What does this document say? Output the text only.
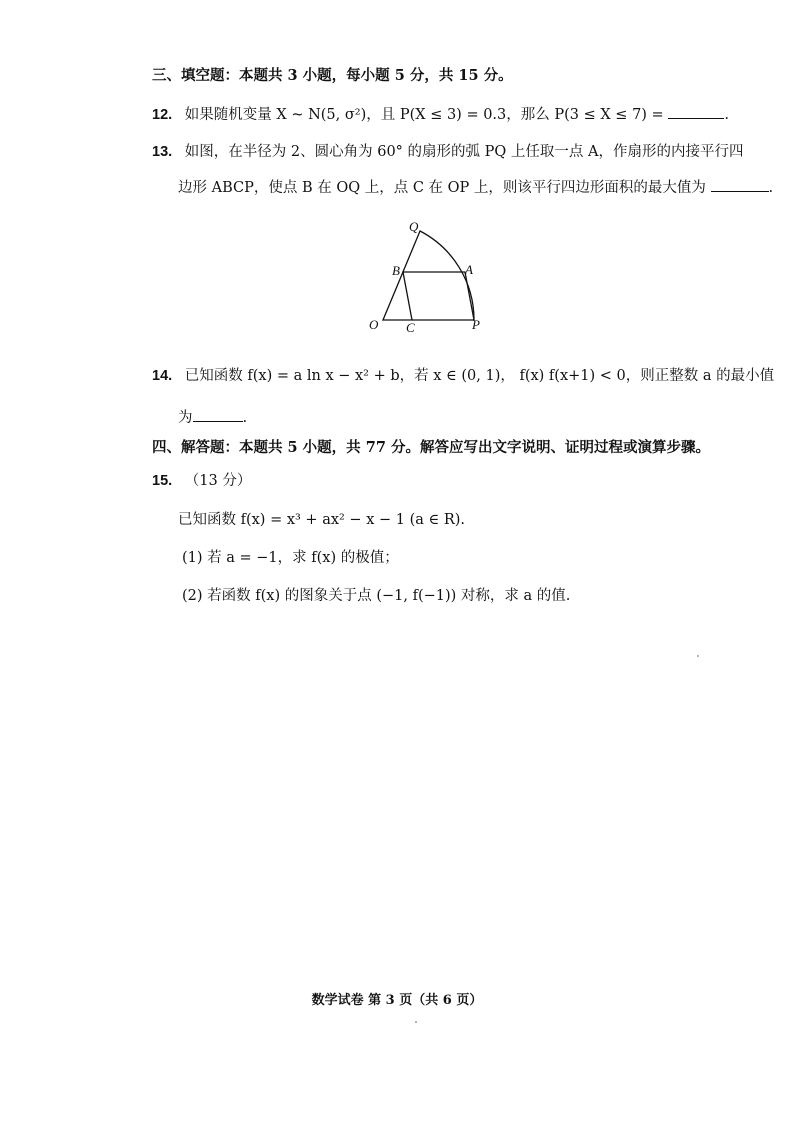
三、填空题：本题共 3 小题，每小题 5 分，共 15 分。
12. 如果随机变量 X ~ N(5, σ²)，且 P(X ≤ 3) = 0.3，那么 P(3 ≤ X ≤ 7) =	.
13. 如图，在半径为 2、圆心角为 60° 的扇形的弧 PQ 上任取一点 A，作扇形的内接平行四
边形 ABCP，使点 B 在 OQ 上，点 C 在 OP 上，则该平行四边形面积的最大值为	.
O C	P
B	A
Q
14. 已知函数 f(x) = a ln x − x² + b，若 x ∈ (0, 1)， f(x) f(x+1) < 0，则正整数 a 的最小值
为	.
四、解答题：本题共 5 小题，共 77 分。解答应写出文字说明、证明过程或演算步骤。
15. （13 分）
已知函数 f(x) = x³ + ax² − x − 1 (a ∈ R).
(1) 若 a = −1，求 f(x) 的极值；
(2) 若函数 f(x) 的图象关于点 (−1, f(−1)) 对称，求 a 的值.
数学试卷 第 3 页（共 6 页）
